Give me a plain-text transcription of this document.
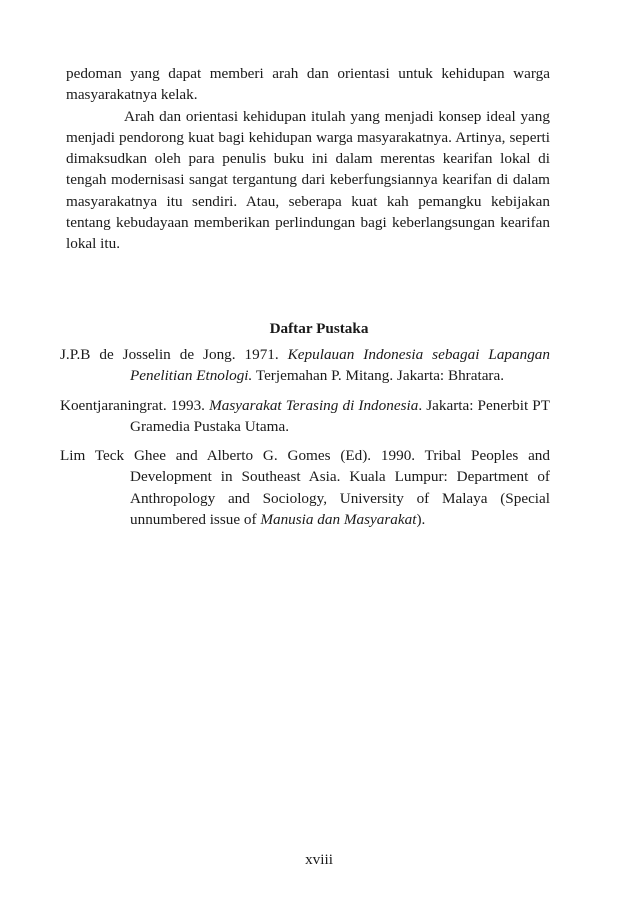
pedoman yang dapat memberi arah dan orientasi untuk kehidupan warga masyarakatnya kelak.

Arah dan orientasi kehidupan itulah yang menjadi konsep ideal yang menjadi pendorong kuat bagi kehidupan warga masyarakatnya. Artinya, seperti dimaksudkan oleh para penulis buku ini dalam merentas kearifan lokal di tengah modernisasi sangat tergantung dari keberfungsiannya kearifan di dalam masyarakatnya itu sendiri. Atau, seberapa kuat kah pemangku kebijakan tentang kebudayaan memberikan perlindungan bagi keberlangsungan kearifan lokal itu.

Daftar Pustaka

J.P.B de Josselin de Jong. 1971. Kepulauan Indonesia sebagai Lapangan Penelitian Etnologi. Terjemahan P. Mitang. Jakarta: Bhratara.

Koentjaraningrat. 1993. Masyarakat Terasing di Indonesia. Jakarta: Penerbit PT Gramedia Pustaka Utama.

Lim Teck Ghee and Alberto G. Gomes (Ed). 1990. Tribal Peoples and Development in Southeast Asia. Kuala Lumpur: Department of Anthropology and Sociology, University of Malaya (Special unnumbered issue of Manusia dan Masyarakat).

xviii
